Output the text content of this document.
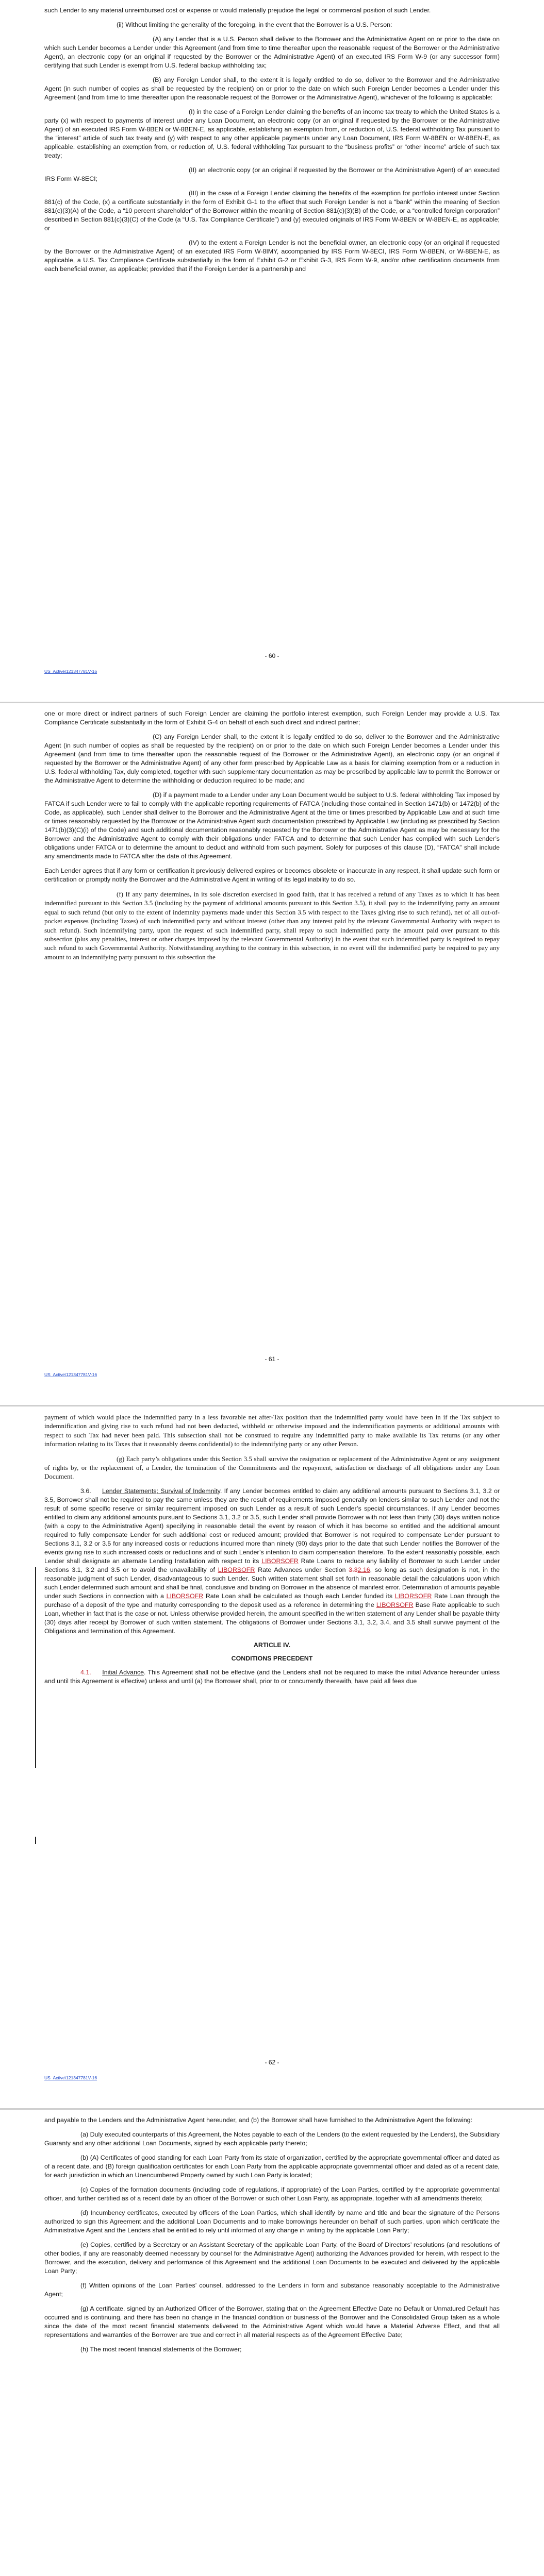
such Lender to any material unreimbursed cost or expense or would materially prejudice the legal or commercial position of such Lender.

(ii) Without limiting the generality of the foregoing, in the event that the Borrower is a U.S. Person:

(A) any Lender that is a U.S. Person shall deliver to the Borrower and the Administrative Agent on or prior to the date on which such Lender becomes a Lender under this Agreement (and from time to time thereafter upon the reasonable request of the Borrower or the Administrative Agent), an electronic copy (or an original if requested by the Borrower or the Administrative Agent) of an executed IRS Form W-9 (or any successor form) certifying that such Lender is exempt from U.S. federal backup withholding tax;

(B) any Foreign Lender shall, to the extent it is legally entitled to do so, deliver to the Borrower and the Administrative Agent (in such number of copies as shall be requested by the recipient) on or prior to the date on which such Foreign Lender becomes a Lender under this Agreement (and from time to time thereafter upon the reasonable request of the Borrower or the Administrative Agent), whichever of the following is applicable:

(I) in the case of a Foreign Lender claiming the benefits of an income tax treaty to which the United States is a party (x) with respect to payments of interest under any Loan Document, an electronic copy (or an original if requested by the Borrower or the Administrative Agent) of an executed IRS Form W-8BEN or W-8BEN-E, as applicable, establishing an exemption from, or reduction of, U.S. federal withholding Tax pursuant to the “interest” article of such tax treaty and (y) with respect to any other applicable payments under any Loan Document, IRS Form W-8BEN or W-8BEN-E, as applicable, establishing an exemption from, or reduction of, U.S. federal withholding Tax pursuant to the “business profits” or “other income” article of such tax treaty;

(II) an electronic copy (or an original if requested by the Borrower or the Administrative Agent) of an executed IRS Form W-8ECI;

(III) in the case of a Foreign Lender claiming the benefits of the exemption for portfolio interest under Section 881(c) of the Code, (x) a certificate substantially in the form of Exhibit G-1 to the effect that such Foreign Lender is not a “bank” within the meaning of Section 881(c)(3)(A) of the Code, a “10 percent shareholder” of the Borrower within the meaning of Section 881(c)(3)(B) of the Code, or a “controlled foreign corporation” described in Section 881(c)(3)(C) of the Code (a “U.S. Tax Compliance Certificate”) and (y) executed originals of IRS Form W-8BEN or W-8BEN-E, as applicable; or

(IV) to the extent a Foreign Lender is not the beneficial owner, an electronic copy (or an original if requested by the Borrower or the Administrative Agent) of an executed IRS Form W-8IMY, accompanied by IRS Form W-8ECI, IRS Form W-8BEN, or W-8BEN-E, as applicable, a U.S. Tax Compliance Certificate substantially in the form of Exhibit G-2 or Exhibit G-3, IRS Form W-9, and/or other certification documents from each beneficial owner, as applicable; provided that if the Foreign Lender is a partnership and

- 60 -
US_Active\121347781V-16

one or more direct or indirect partners of such Foreign Lender are claiming the portfolio interest exemption, such Foreign Lender may provide a U.S. Tax Compliance Certificate substantially in the form of Exhibit G-4 on behalf of each such direct and indirect partner;

(C) any Foreign Lender shall, to the extent it is legally entitled to do so, deliver to the Borrower and the Administrative Agent (in such number of copies as shall be requested by the recipient) on or prior to the date on which such Foreign Lender becomes a Lender under this Agreement (and from time to time thereafter upon the reasonable request of the Borrower or the Administrative Agent), an electronic copy (or an original if requested by the Borrower or the Administrative Agent) of any other form prescribed by Applicable Law as a basis for claiming exemption from or a reduction in U.S. federal withholding Tax, duly completed, together with such supplementary documentation as may be prescribed by applicable law to permit the Borrower or the Administrative Agent to determine the withholding or deduction required to be made; and

(D) if a payment made to a Lender under any Loan Document would be subject to U.S. federal withholding Tax imposed by FATCA if such Lender were to fail to comply with the applicable reporting requirements of FATCA (including those contained in Section 1471(b) or 1472(b) of the Code, as applicable), such Lender shall deliver to the Borrower and the Administrative Agent at the time or times prescribed by Applicable Law and at such time or times reasonably requested by the Borrower or the Administrative Agent such documentation prescribed by Applicable Law (including as prescribed by Section 1471(b)(3)(C)(i) of the Code) and such additional documentation reasonably requested by the Borrower or the Administrative Agent as may be necessary for the Borrower and the Administrative Agent to comply with their obligations under FATCA and to determine that such Lender has complied with such Lender’s obligations under FATCA or to determine the amount to deduct and withhold from such payment. Solely for purposes of this clause (D), “FATCA” shall include any amendments made to FATCA after the date of this Agreement.

Each Lender agrees that if any form or certification it previously delivered expires or becomes obsolete or inaccurate in any respect, it shall update such form or certification or promptly notify the Borrower and the Administrative Agent in writing of its legal inability to do so.

(f) If any party determines, in its sole discretion exercised in good faith, that it has received a refund of any Taxes as to which it has been indemnified pursuant to this Section 3.5 (including by the payment of additional amounts pursuant to this Section 3.5), it shall pay to the indemnifying party an amount equal to such refund (but only to the extent of indemnity payments made under this Section 3.5 with respect to the Taxes giving rise to such refund), net of all out-of-pocket expenses (including Taxes) of such indemnified party and without interest (other than any interest paid by the relevant Governmental Authority with respect to such refund). Such indemnifying party, upon the request of such indemnified party, shall repay to such indemnified party the amount paid over pursuant to this subsection (plus any penalties, interest or other charges imposed by the relevant Governmental Authority) in the event that such indemnified party is required to repay such refund to such Governmental Authority. Notwithstanding anything to the contrary in this subsection, in no event will the indemnified party be required to pay any amount to an indemnifying party pursuant to this subsection the

- 61 -
US_Active\121347781V-16

payment of which would place the indemnified party in a less favorable net after-Tax position than the indemnified party would have been in if the Tax subject to indemnification and giving rise to such refund had not been deducted, withheld or otherwise imposed and the indemnification payments or additional amounts with respect to such Tax had never been paid. This subsection shall not be construed to require any indemnified party to make available its Tax returns (or any other information relating to its Taxes that it reasonably deems confidential) to the indemnifying party or any other Person.

(g) Each party’s obligations under this Section 3.5 shall survive the resignation or replacement of the Administrative Agent or any assignment of rights by, or the replacement of, a Lender, the termination of the Commitments and the repayment, satisfaction or discharge of all obligations under any Loan Document.

3.6. Lender Statements; Survival of Indemnity. If any Lender becomes entitled to claim any additional amounts pursuant to Sections 3.1, 3.2 or 3.5, Borrower shall not be required to pay the same unless they are the result of requirements imposed generally on lenders similar to such Lender and not the result of some specific reserve or similar requirement imposed on such Lender as a result of such Lender’s special circumstances. If any Lender becomes entitled to claim any additional amounts pursuant to Sections 3.1, 3.2 or 3.5, such Lender shall provide Borrower with not less than thirty (30) days written notice (with a copy to the Administrative Agent) specifying in reasonable detail the event by reason of which it has become so entitled and the additional amount required to fully compensate Lender for such additional cost or reduced amount; provided that Borrower is not required to compensate Lender pursuant to Sections 3.1, 3.2 or 3.5 for any increased costs or reductions incurred more than ninety (90) days prior to the date that such Lender notifies the Borrower of the events giving rise to such increased costs or reductions and of such Lender’s intention to claim compensation therefore. To the extent reasonably possible, each Lender shall designate an alternate Lending Installation with respect to its LIBORSOFR Rate Loans to reduce any liability of Borrower to such Lender under Sections 3.1, 3.2 and 3.5 or to avoid the unavailability of LIBORSOFR Rate Advances under Section 3.32.16, so long as such designation is not, in the reasonable judgment of such Lender, disadvantageous to such Lender. Such written statement shall set forth in reasonable detail the calculations upon which such Lender determined such amount and shall be final, conclusive and binding on Borrower in the absence of manifest error. Determination of amounts payable under such Sections in connection with a LIBORSOFR Rate Loan shall be calculated as though each Lender funded its LIBORSOFR Rate Loan through the purchase of a deposit of the type and maturity corresponding to the deposit used as a reference in determining the LIBORSOFR Base Rate applicable to such Loan, whether in fact that is the case or not. Unless otherwise provided herein, the amount specified in the written statement of any Lender shall be payable thirty (30) days after receipt by Borrower of such written statement. The obligations of Borrower under Sections 3.1, 3.2, 3.4, and 3.5 shall survive payment of the Obligations and termination of this Agreement.

ARTICLE IV.
CONDITIONS PRECEDENT

4.1. Initial Advance. This Agreement shall not be effective (and the Lenders shall not be required to make the initial Advance hereunder unless and until this Agreement is effective) unless and until (a) the Borrower shall, prior to or concurrently therewith, have paid all fees due

- 62 -
US_Active\121347781V-16

and payable to the Lenders and the Administrative Agent hereunder, and (b) the Borrower shall have furnished to the Administrative Agent the following:

(a) Duly executed counterparts of this Agreement, the Notes payable to each of the Lenders (to the extent requested by the Lenders), the Subsidiary Guaranty and any other additional Loan Documents, signed by each applicable party thereto;

(b) (A) Certificates of good standing for each Loan Party from its state of organization, certified by the appropriate governmental officer and dated as of a recent date, and (B) foreign qualification certificates for each Loan Party from the applicable appropriate governmental officer and dated as of a recent date, for each jurisdiction in which an Unencumbered Property owned by such Loan Party is located;

(c) Copies of the formation documents (including code of regulations, if appropriate) of the Loan Parties, certified by the appropriate governmental officer, and further certified as of a recent date by an officer of the Borrower or such other Loan Party, as appropriate, together with all amendments thereto;

(d) Incumbency certificates, executed by officers of the Loan Parties, which shall identify by name and title and bear the signature of the Persons authorized to sign this Agreement and the additional Loan Documents and to make borrowings hereunder on behalf of such parties, upon which certificate the Administrative Agent and the Lenders shall be entitled to rely until informed of any change in writing by the applicable Loan Party;

(e) Copies, certified by a Secretary or an Assistant Secretary of the applicable Loan Party, of the Board of Directors’ resolutions (and resolutions of other bodies, if any are reasonably deemed necessary by counsel for the Administrative Agent) authorizing the Advances provided for herein, with respect to the Borrower, and the execution, delivery and performance of this Agreement and the additional Loan Documents to be executed and delivered by the applicable Loan Party;

(f) Written opinions of the Loan Parties’ counsel, addressed to the Lenders in form and substance reasonably acceptable to the Administrative Agent;

(g) A certificate, signed by an Authorized Officer of the Borrower, stating that on the Agreement Effective Date no Default or Unmatured Default has occurred and is continuing, and there has been no change in the financial condition or business of the Borrower and the Consolidated Group taken as a whole since the date of the most recent financial statements delivered to the Administrative Agent which would have a Material Adverse Effect, and that all representations and warranties of the Borrower are true and correct in all material respects as of the Agreement Effective Date;

(h) The most recent financial statements of the Borrower;
